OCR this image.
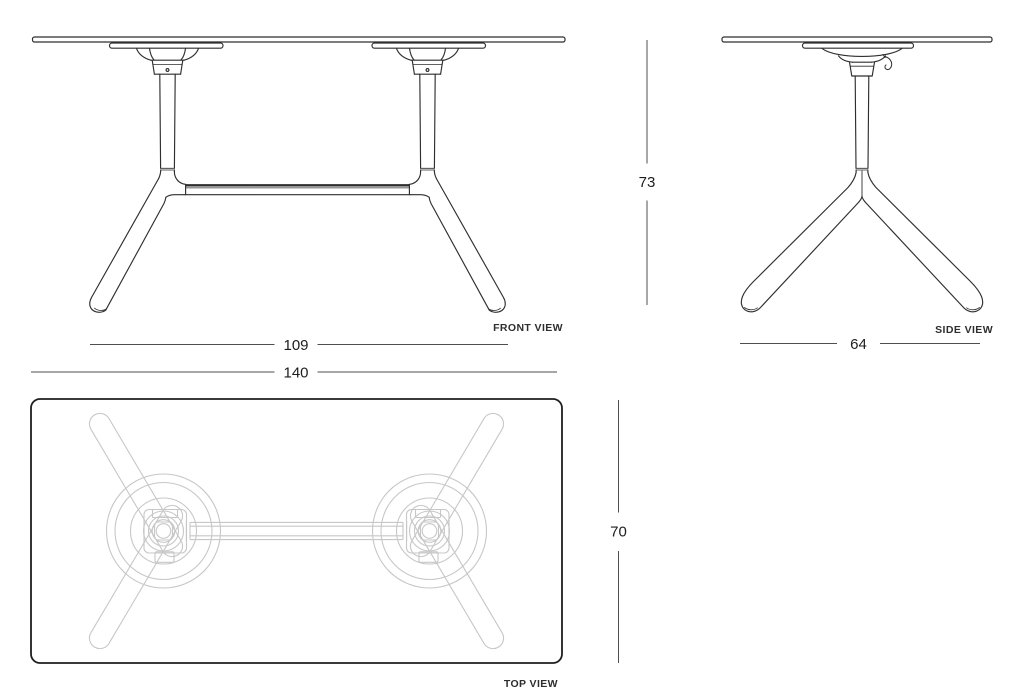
109
140
73
64
70
FRONT VIEW	SIDE VIEW
TOP VIEW
